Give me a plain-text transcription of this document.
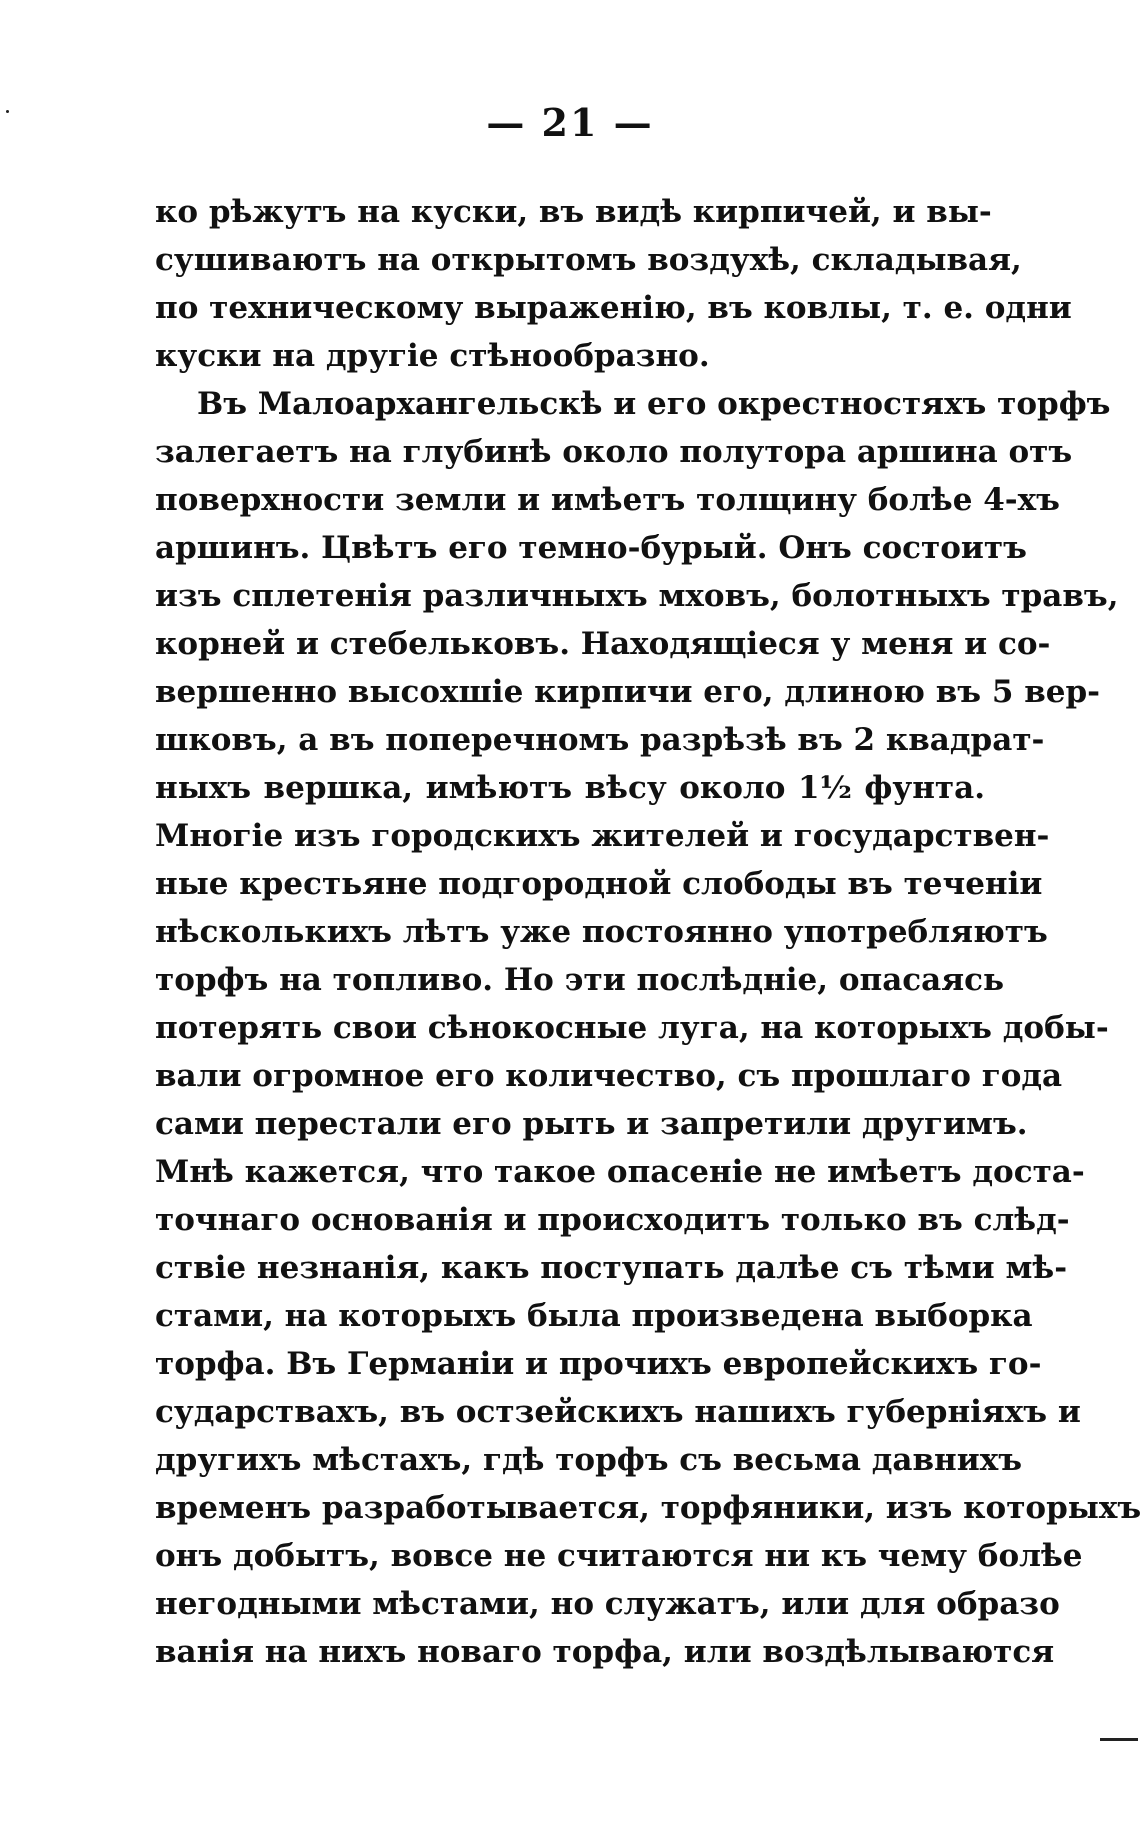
— 21 —
ко рѣжутъ на куски, въ видѣ кирпичей, и вы-
сушиваютъ на открытомъ воздухѣ, складывая,
по техническому выраженію, въ ковлы, т. е. одни
куски на другіе стѣнообразно.
Въ Малоархангельскѣ и его окрестностяхъ торфъ
залегаетъ на глубинѣ около полутора аршина отъ
поверхности земли и имѣетъ толщину болѣе 4-хъ
аршинъ. Цвѣтъ его темно-бурый. Онъ состоитъ
изъ сплетенія различныхъ мховъ, болотныхъ травъ,
корней и стебельковъ. Находящіеся у меня и со-
вершенно высохшіе кирпичи его, длиною въ 5 вер-
шковъ, а въ поперечномъ разрѣзѣ въ 2 квадрат-
ныхъ вершка, имѣютъ вѣсу около 1½ фунта.
Многіе изъ городскихъ жителей и государствен-
ные крестьяне подгородной слободы въ теченіи
нѣсколькихъ лѣтъ уже постоянно употребляютъ
торфъ на топливо. Но эти послѣдніе, опасаясь
потерять свои сѣнокосные луга, на которыхъ добы-
вали огромное его количество, съ прошлаго года
сами перестали его рыть и запретили другимъ.
Мнѣ кажется, что такое опасеніе не имѣетъ доста-
точнаго основанія и происходитъ только въ слѣд-
ствіе незнанія, какъ поступать далѣе съ тѣми мѣ-
стами, на которыхъ была произведена выборка
торфа. Въ Германіи и прочихъ европейскихъ го-
сударствахъ, въ остзейскихъ нашихъ губерніяхъ и
другихъ мѣстахъ, гдѣ торфъ съ весьма давнихъ
временъ разработывается, торфяники, изъ которыхъ
онъ добытъ, вовсе не считаются ни къ чему болѣе
негодными мѣстами, но служатъ, или для образо
ванія на нихъ новаго торфа, или воздѣлываются
